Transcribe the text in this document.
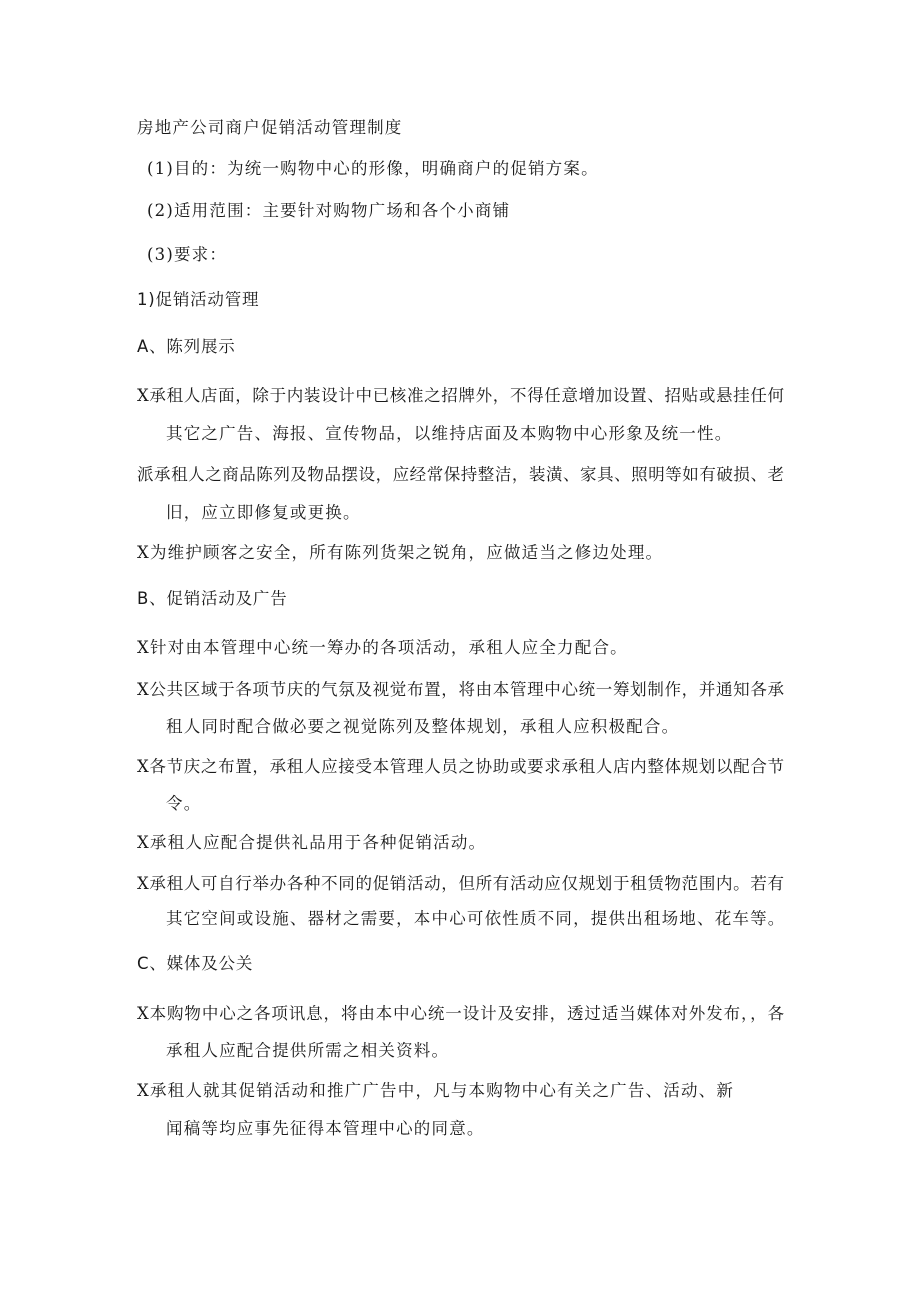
房地产公司商户促销活动管理制度
(1)目的：为统一购物中心的形像，明确商户的促销方案。
(2)适用范围：主要针对购物广场和各个小商铺
(3)要求：
1)促销活动管理
A、陈列展示
X承租人店面，除于内装设计中已核准之招牌外，不得任意增加设置、招贴或悬挂任何
其它之广告、海报、宣传物品，以维持店面及本购物中心形象及统一性。
派承租人之商品陈列及物品摆设，应经常保持整洁，装潢、家具、照明等如有破损、老
旧，应立即修复或更换。
X为维护顾客之安全，所有陈列货架之锐角，应做适当之修边处理。
B、促销活动及广告
X针对由本管理中心统一筹办的各项活动，承租人应全力配合。
X公共区域于各项节庆的气氛及视觉布置，将由本管理中心统一筹划制作，并通知各承
租人同时配合做必要之视觉陈列及整体规划，承租人应积极配合。
X各节庆之布置，承租人应接受本管理人员之协助或要求承租人店内整体规划以配合节
令。
X承租人应配合提供礼品用于各种促销活动。
X承租人可自行举办各种不同的促销活动，但所有活动应仅规划于租赁物范围内。若有
其它空间或设施、器材之需要，本中心可依性质不同，提供出租场地、花车等。
C、媒体及公关
X本购物中心之各项讯息，将由本中心统一设计及安排，透过适当媒体对外发布，，各
承租人应配合提供所需之相关资料。
X承租人就其促销活动和推广广告中，凡与本购物中心有关之广告、活动、新
闻稿等均应事先征得本管理中心的同意。
